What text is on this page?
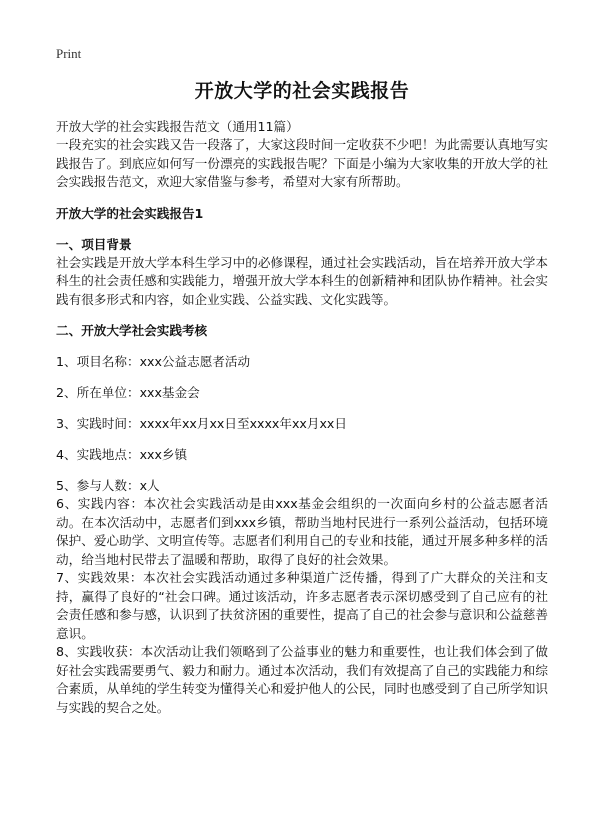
Print
开放大学的社会实践报告
开放大学的社会实践报告范文（通用11篇）

一段充实的社会实践又告一段落了，大家这段时间一定收获不少吧！为此需要认真地写实践报告了。到底应如何写一份漂亮的实践报告呢？下面是小编为大家收集的开放大学的社会实践报告范文，欢迎大家借鉴与参考，希望对大家有所帮助。

开放大学的社会实践报告1
一、项目背景

社会实践是开放大学本科生学习中的必修课程，通过社会实践活动，旨在培养开放大学本科生的社会责任感和实践能力，增强开放大学本科生的创新精神和团队协作精神。社会实践有很多形式和内容，如企业实践、公益实践、文化实践等。

二、开放大学社会实践考核
1、项目名称：xxx公益志愿者活动
2、所在单位：xxx基金会
3、实践时间：xxxx年xx月xx日至xxxx年xx月xx日
4、实践地点：xxx乡镇
5、参与人数：x人

6、实践内容：本次社会实践活动是由xxx基金会组织的一次面向乡村的公益志愿者活动。在本次活动中，志愿者们到xxx乡镇，帮助当地村民进行一系列公益活动，包括环境保护、爱心助学、文明宣传等。志愿者们利用自己的专业和技能，通过开展多种多样的活动，给当地村民带去了温暖和帮助，取得了良好的社会效果。

7、实践效果：本次社会实践活动通过多种渠道广泛传播，得到了广大群众的关注和支持，赢得了良好的“社会口碑。通过该活动，许多志愿者表示深切感受到了自己应有的社会责任感和参与感，认识到了扶贫济困的重要性，提高了自己的社会参与意识和公益慈善意识。

8、实践收获：本次活动让我们领略到了公益事业的魅力和重要性，也让我们体会到了做好社会实践需要勇气、毅力和耐力。通过本次活动，我们有效提高了自己的实践能力和综合素质，从单纯的学生转变为懂得关心和爱护他人的公民，同时也感受到了自己所学知识与实践的契合之处。
